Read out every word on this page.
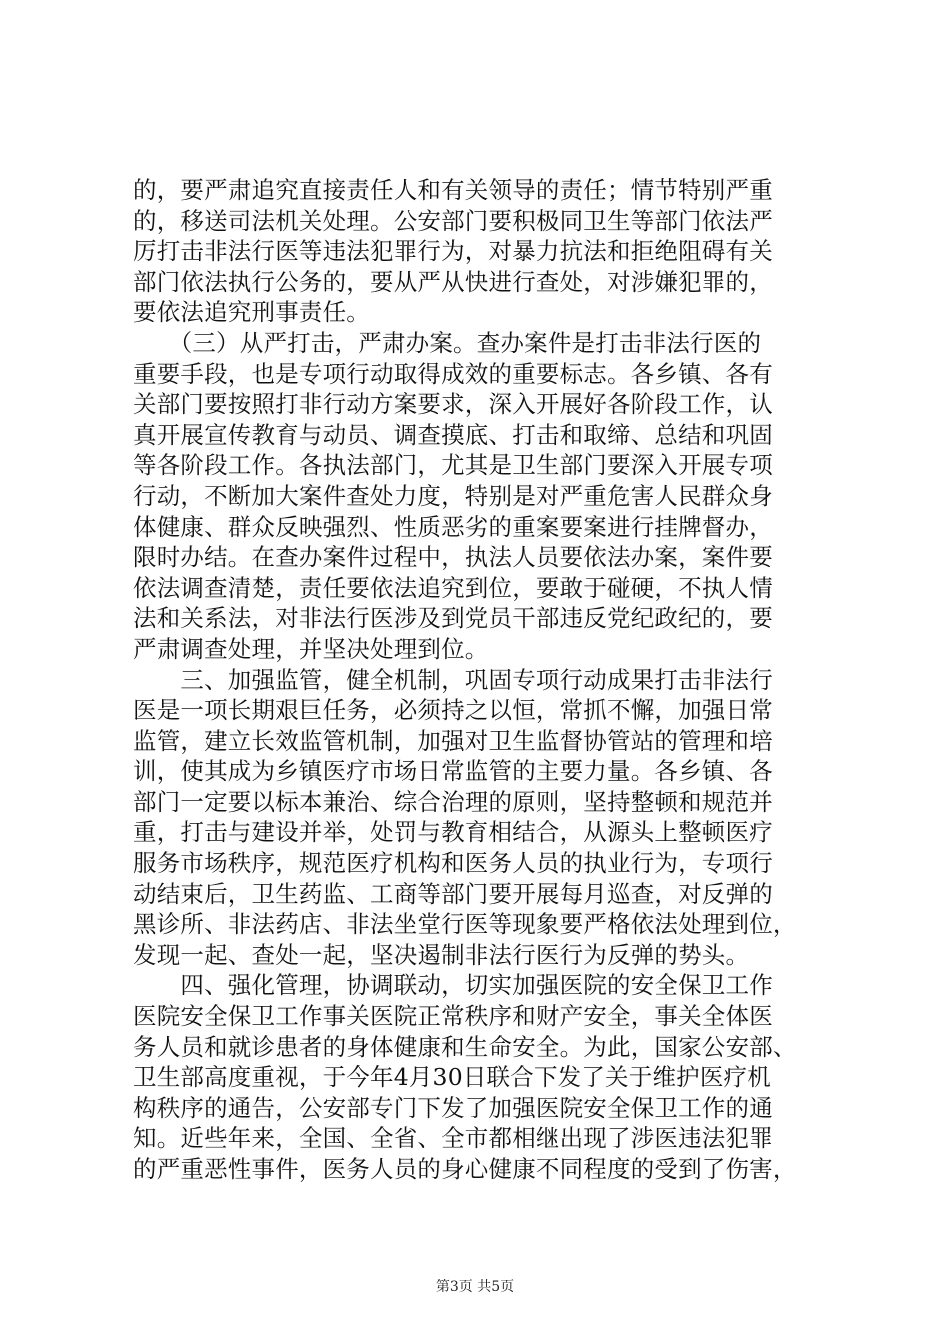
的，要严肃追究直接责任人和有关领导的责任；情节特别严重
的，移送司法机关处理。公安部门要积极同卫生等部门依法严
厉打击非法行医等违法犯罪行为，对暴力抗法和拒绝阻碍有关
部门依法执行公务的，要从严从快进行查处，对涉嫌犯罪的，
要依法追究刑事责任。
　　（三）从严打击，严肃办案。查办案件是打击非法行医的
重要手段，也是专项行动取得成效的重要标志。各乡镇、各有
关部门要按照打非行动方案要求，深入开展好各阶段工作，认
真开展宣传教育与动员、调查摸底、打击和取缔、总结和巩固
等各阶段工作。各执法部门，尤其是卫生部门要深入开展专项
行动，不断加大案件查处力度，特别是对严重危害人民群众身
体健康、群众反映强烈、性质恶劣的重案要案进行挂牌督办，
限时办结。在查办案件过程中，执法人员要依法办案，案件要
依法调查清楚，责任要依法追究到位，要敢于碰硬，不执人情
法和关系法，对非法行医涉及到党员干部违反党纪政纪的，要
严肃调查处理，并坚决处理到位。
　　三、加强监管，健全机制，巩固专项行动成果打击非法行
医是一项长期艰巨任务，必须持之以恒，常抓不懈，加强日常
监管，建立长效监管机制，加强对卫生监督协管站的管理和培
训，使其成为乡镇医疗市场日常监管的主要力量。各乡镇、各
部门一定要以标本兼治、综合治理的原则，坚持整顿和规范并
重，打击与建设并举，处罚与教育相结合，从源头上整顿医疗
服务市场秩序，规范医疗机构和医务人员的执业行为，专项行
动结束后，卫生药监、工商等部门要开展每月巡查，对反弹的
黑诊所、非法药店、非法坐堂行医等现象要严格依法处理到位，
发现一起、查处一起，坚决遏制非法行医行为反弹的势头。
　　四、强化管理，协调联动，切实加强医院的安全保卫工作
医院安全保卫工作事关医院正常秩序和财产安全，事关全体医
务人员和就诊患者的身体健康和生命安全。为此，国家公安部、
卫生部高度重视，于今年4月30日联合下发了关于维护医疗机
构秩序的通告，公安部专门下发了加强医院安全保卫工作的通
知。近些年来，全国、全省、全市都相继出现了涉医违法犯罪
的严重恶性事件，医务人员的身心健康不同程度的受到了伤害，
第3页 共5页
